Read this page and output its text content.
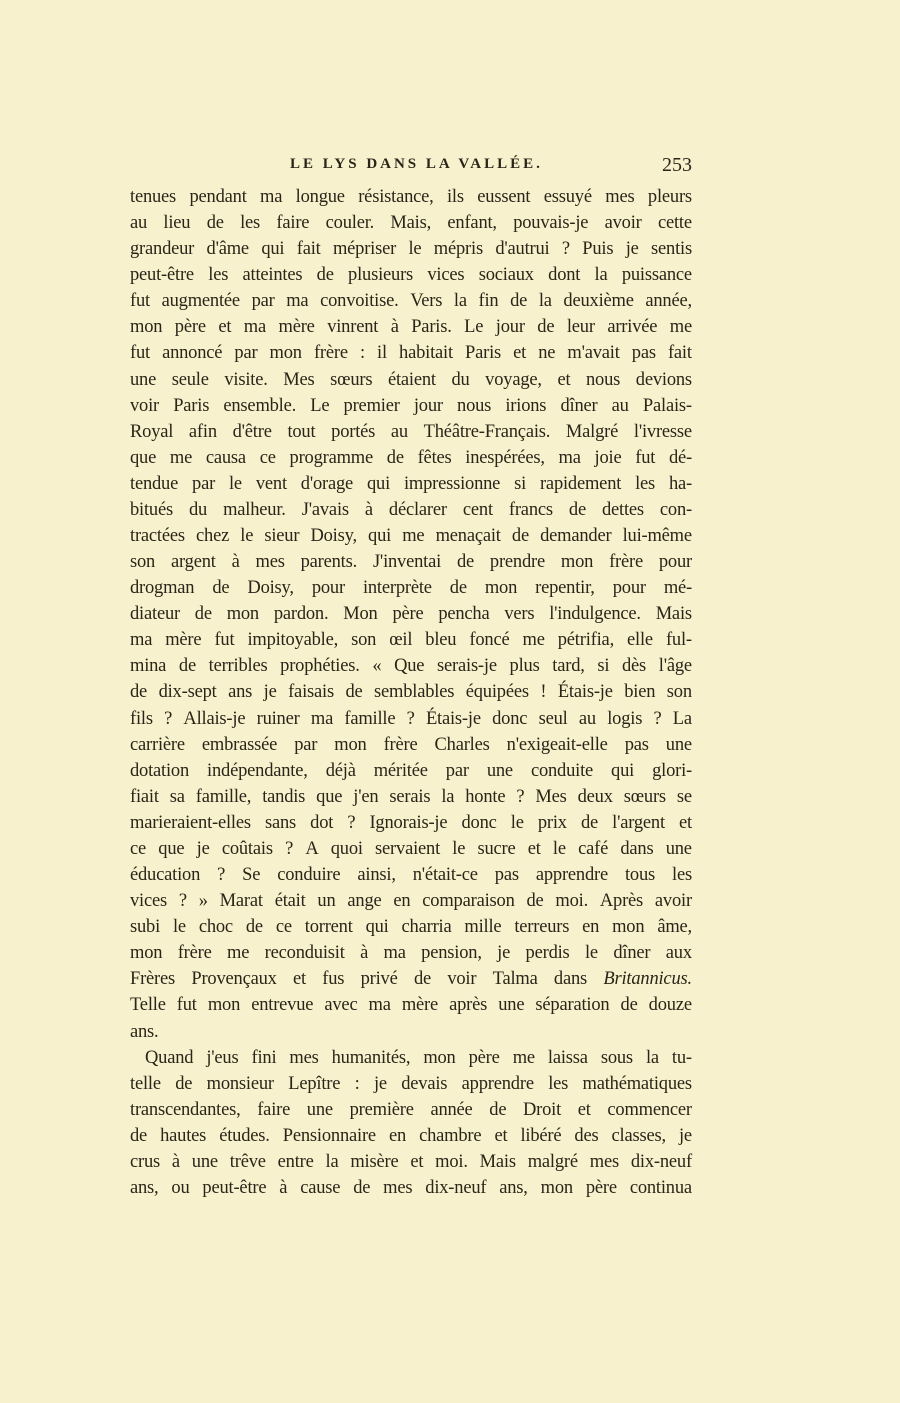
LE LYS DANS LA VALLÉE.	253
tenues pendant ma longue résistance, ils eussent essuyé mes pleurs
au lieu de les faire couler. Mais, enfant, pouvais-je avoir cette
grandeur d'âme qui fait mépriser le mépris d'autrui ? Puis je sentis
peut-être les atteintes de plusieurs vices sociaux dont la puissance
fut augmentée par ma convoitise. Vers la fin de la deuxième année,
mon père et ma mère vinrent à Paris. Le jour de leur arrivée me
fut annoncé par mon frère : il habitait Paris et ne m'avait pas fait
une seule visite. Mes sœurs étaient du voyage, et nous devions
voir Paris ensemble. Le premier jour nous irions dîner au Palais-
Royal afin d'être tout portés au Théâtre-Français. Malgré l'ivresse
que me causa ce programme de fêtes inespérées, ma joie fut dé-
tendue par le vent d'orage qui impressionne si rapidement les ha-
bitués du malheur. J'avais à déclarer cent francs de dettes con-
tractées chez le sieur Doisy, qui me menaçait de demander lui-même
son argent à mes parents. J'inventai de prendre mon frère pour
drogman de Doisy, pour interprète de mon repentir, pour mé-
diateur de mon pardon. Mon père pencha vers l'indulgence. Mais
ma mère fut impitoyable, son œil bleu foncé me pétrifia, elle ful-
mina de terribles prophéties. « Que serais-je plus tard, si dès l'âge
de dix-sept ans je faisais de semblables équipées ! Étais-je bien son
fils ? Allais-je ruiner ma famille ? Étais-je donc seul au logis ? La
carrière embrassée par mon frère Charles n'exigeait-elle pas une
dotation indépendante, déjà méritée par une conduite qui glori-
fiait sa famille, tandis que j'en serais la honte ? Mes deux sœurs se
marieraient-elles sans dot ? Ignorais-je donc le prix de l'argent et
ce que je coûtais ? A quoi servaient le sucre et le café dans une
éducation ? Se conduire ainsi, n'était-ce pas apprendre tous les
vices ? » Marat était un ange en comparaison de moi. Après avoir
subi le choc de ce torrent qui charria mille terreurs en mon âme,
mon frère me reconduisit à ma pension, je perdis le dîner aux
Frères Provençaux et fus privé de voir Talma dans Britannicus.
Telle fut mon entrevue avec ma mère après une séparation de douze
ans.
Quand j'eus fini mes humanités, mon père me laissa sous la tu-
telle de monsieur Lepître : je devais apprendre les mathématiques
transcendantes, faire une première année de Droit et commencer
de hautes études. Pensionnaire en chambre et libéré des classes, je
crus à une trêve entre la misère et moi. Mais malgré mes dix-neuf
ans, ou peut-être à cause de mes dix-neuf ans, mon père continua
